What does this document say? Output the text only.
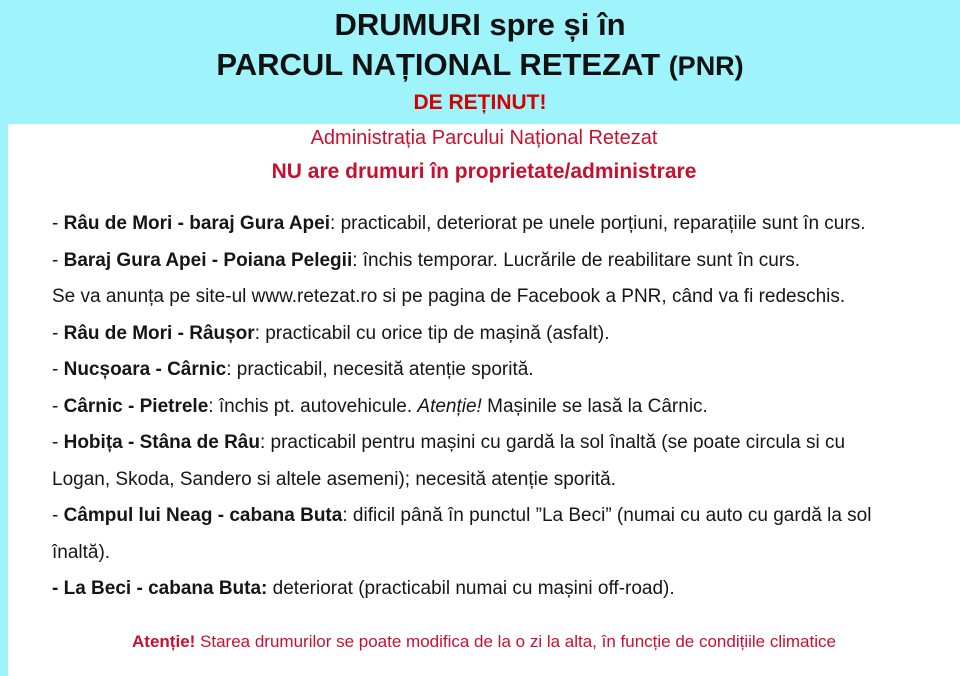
DRUMURI spre și în
PARCUL NAȚIONAL RETEZAT (PNR)
DE REȚINUT!

Administrația Parcului Național Retezat

NU are drumuri în proprietate/administrare

- Râu de Mori - baraj Gura Apei: practicabil, deteriorat pe unele porțiuni, reparațiile sunt în curs.
- Baraj Gura Apei - Poiana Pelegii: închis temporar. Lucrările de reabilitare sunt în curs.
Se va anunța pe site-ul www.retezat.ro si pe pagina de Facebook a PNR, când va fi redeschis.
- Râu de Mori - Râușor: practicabil cu orice tip de mașină (asfalt).
- Nucșoara - Cârnic: practicabil, necesită atenție sporită.
- Cârnic - Pietrele: închis pt. autovehicule. Atenție! Mașinile se lasă la Cârnic.
- Hobița - Stâna de Râu: practicabil pentru mașini cu gardă la sol înaltă (se poate circula si cu
Logan, Skoda, Sandero si altele asemeni); necesită atenție sporită.
- Câmpul lui Neag - cabana Buta: dificil până în punctul ”La Beci” (numai cu auto cu gardă la sol
înaltă).
- La Beci - cabana Buta: deteriorat (practicabil numai cu mașini off-road).
Atenție! Starea drumurilor se poate modifica de la o zi la alta, în funcție de condițiile climatice
